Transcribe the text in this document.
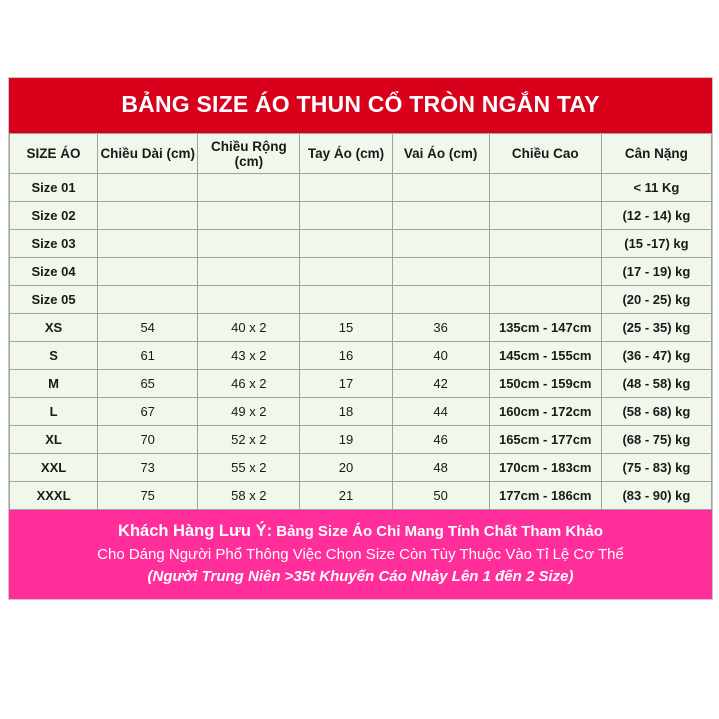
BẢNG SIZE ÁO THUN CỔ TRÒN NGẮN TAY
SIZE ÁO	Chiều Dài (cm)	Chiều Rộng (cm)	Tay Áo (cm)	Vai Áo (cm)	Chiều Cao	Cân Nặng
Size 01						< 11 Kg
Size 02						(12 - 14) kg
Size 03						(15 -17) kg
Size 04						(17 - 19) kg
Size 05						(20 - 25) kg
XS	54	40 x 2	15	36	135cm - 147cm	(25 - 35) kg
S	61	43 x 2	16	40	145cm - 155cm	(36 - 47) kg
M	65	46 x 2	17	42	150cm - 159cm	(48 - 58) kg
L	67	49 x 2	18	44	160cm - 172cm	(58 - 68) kg
XL	70	52 x 2	19	46	165cm - 177cm	(68 - 75) kg
XXL	73	55 x 2	20	48	170cm - 183cm	(75 - 83) kg
XXXL	75	58 x 2	21	50	177cm - 186cm	(83 - 90) kg
Khách Hàng Lưu Ý: Bảng Size Áo Chỉ Mang Tính Chất Tham Khảo
Cho Dáng Người Phổ Thông Việc Chọn Size Còn Tùy Thuộc Vào Tỉ Lệ Cơ Thể
(Người Trung Niên >35t Khuyến Cáo Nhảy Lên 1 đến 2 Size)
